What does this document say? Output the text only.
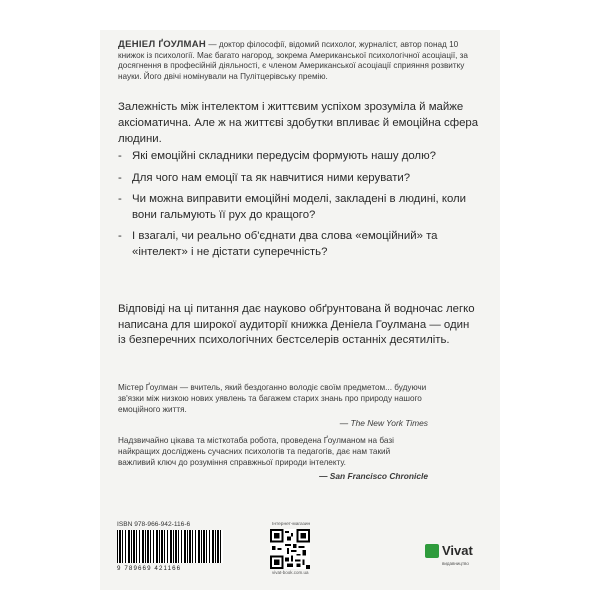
ДЕНІЕЛ ҐОУЛМАН — доктор філософії, відомий психолог, журналіст, автор понад 10 книжок із психології. Має багато нагород, зокрема Американської психологічної асоціації, за досягнення в професійній діяльності, є членом Американської асоціації сприяння розвитку науки. Його двічі номінували на Пулітцерівську премію.
Залежність між інтелектом і життєвим успіхом зрозуміла й майже аксіоматична. Але ж на життєві здобутки впливає й емоційна сфера людини.
- Які емоційні складники передусім формують нашу долю?
- Для чого нам емоції та як навчитися ними керувати?
- Чи можна виправити емоційні моделі, закладені в людині, коли вони гальмують її рух до кращого?
- І взагалі, чи реально об'єднати два слова «емоційний» та «інтелект» і не дістати суперечність?
Відповіді на ці питання дає науково обґрунтована й водночас легко написана для широкої аудиторії книжка Деніела Гоулмана — один із безперечних психологічних бестселерів останніх десятиліть.
Містер Ґоулман — вчитель, який бездоганно володіє своїм предметом... будуючи зв'язки між низкою нових уявлень та багажем старих знань про природу нашого емоційного життя.
— The New York Times
Надзвичайно цікава та місткотаба робота, проведена Ґоулманом на базі найкращих досліджень сучасних психологів та педагогів, дає нам такий важливий ключ до розуміння справжньої природи інтелекту.
— San Francisco Chronicle
ISBN 978-966-942-116-6
9 789669 421166
Інтернет-магазин
vivat-book.com.ua
Vivat
видавництво
